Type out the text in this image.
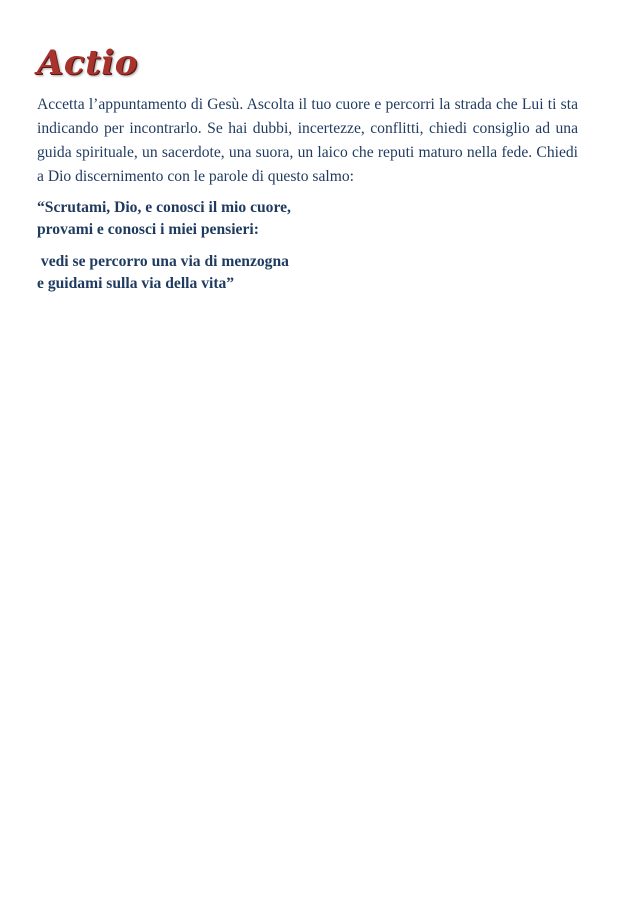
Actio

Accetta l’appuntamento di Gesù. Ascolta il tuo cuore e percorri la strada che Lui ti sta indicando per incontrarlo. Se hai dubbi, incertezze, conflitti, chiedi consiglio ad una guida spirituale, un sacerdote, una suora, un laico che reputi maturo nella fede. Chiedi a Dio discernimento con le parole di questo salmo:

“Scrutami, Dio, e conosci il mio cuore,
provami e conosci i miei pensieri:
vedi se percorro una via di menzogna
e guidami sulla via della vita”
